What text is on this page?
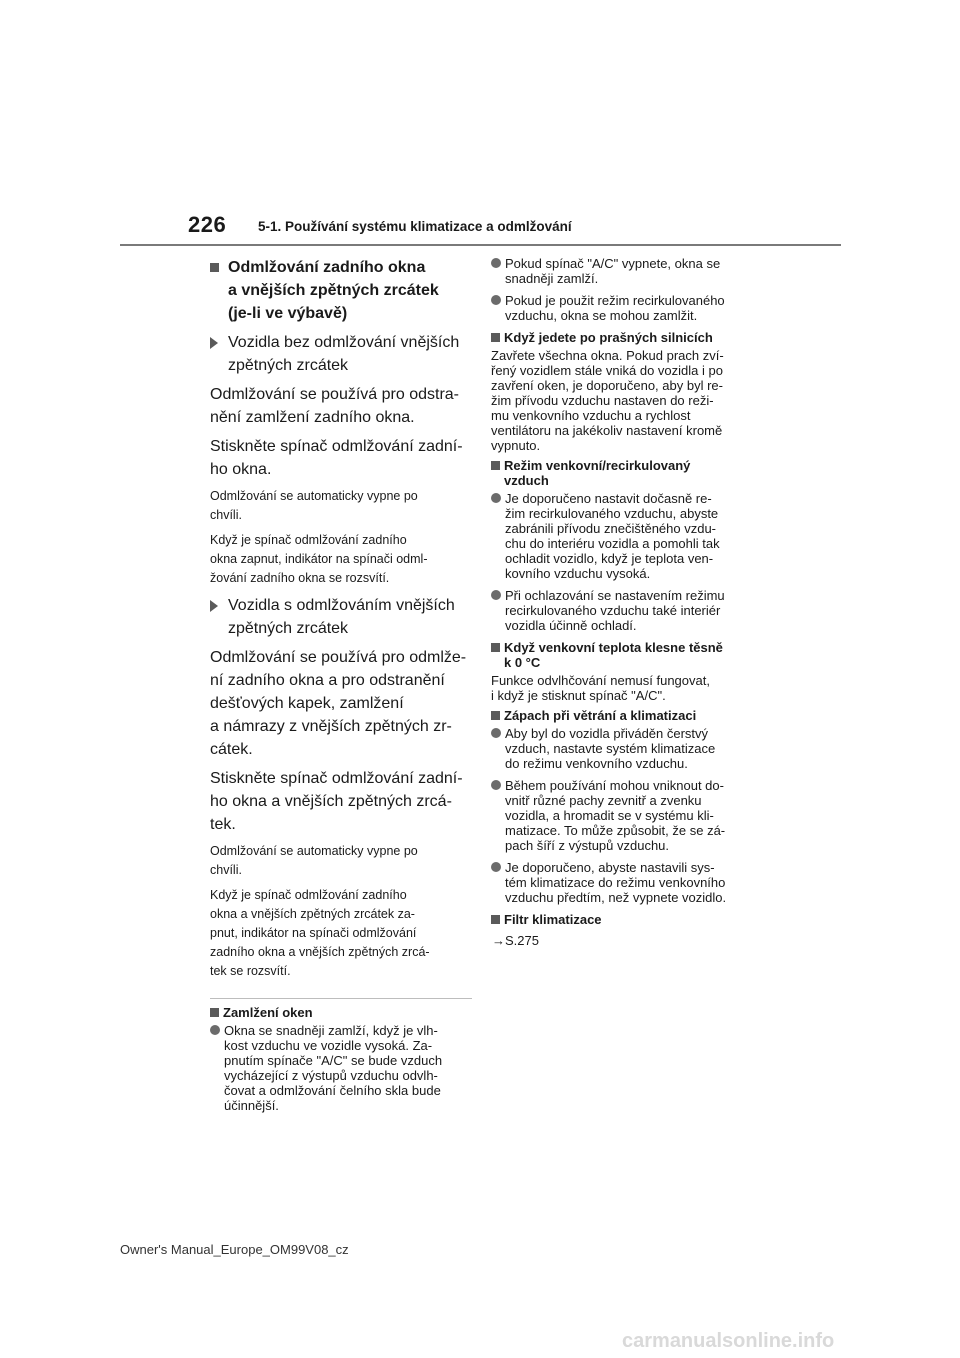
226 5-1. Používání systému klimatizace a odmlžování
Odmlžování zadního okna
a vnějších zpětných zrcátek
(je-li ve výbavě)
Vozidla bez odmlžování vnějších
zpětných zrcátek
Odmlžování se používá pro odstra-
nění zamlžení zadního okna.
Stiskněte spínač odmlžování zadní-
ho okna.
Odmlžování se automaticky vypne po
chvíli.
Když je spínač odmlžování zadního
okna zapnut, indikátor na spínači odml-
žování zadního okna se rozsvítí.
Vozidla s odmlžováním vnějších
zpětných zrcátek
Odmlžování se používá pro odmlže-
ní zadního okna a pro odstranění
dešťových kapek, zamlžení
a námrazy z vnějších zpětných zr-
cátek.
Stiskněte spínač odmlžování zadní-
ho okna a vnějších zpětných zrcá-
tek.
Odmlžování se automaticky vypne po
chvíli.
Když je spínač odmlžování zadního
okna a vnějších zpětných zrcátek za-
pnut, indikátor na spínači odmlžování
zadního okna a vnějších zpětných zrcá-
tek se rozsvítí.
Zamlžení oken
Okna se snadněji zamlží, když je vlh-
kost vzduchu ve vozidle vysoká. Za-
pnutím spínače "A/C" se bude vzduch
vycházející z výstupů vzduchu odvlh-
čovat a odmlžování čelního skla bude
účinnější.
Pokud spínač "A/C" vypnete, okna se
snadněji zamlží.
Pokud je použit režim recirkulovaného
vzduchu, okna se mohou zamlžit.
Když jedete po prašných silnicích
Zavřete všechna okna. Pokud prach zví-
řený vozidlem stále vniká do vozidla i po
zavření oken, je doporučeno, aby byl re-
žim přívodu vzduchu nastaven do reži-
mu venkovního vzduchu a rychlost
ventilátoru na jakékoliv nastavení kromě
vypnuto.
Režim venkovní/recirkulovaný
vzduch
Je doporučeno nastavit dočasně re-
žim recirkulovaného vzduchu, abyste
zabránili přívodu znečištěného vzdu-
chu do interiéru vozidla a pomohli tak
ochladit vozidlo, když je teplota ven-
kovního vzduchu vysoká.
Při ochlazování se nastavením režimu
recirkulovaného vzduchu také interiér
vozidla účinně ochladí.
Když venkovní teplota klesne těsně
k 0 °C
Funkce odvlhčování nemusí fungovat,
i když je stisknut spínač "A/C".
Zápach při větrání a klimatizaci
Aby byl do vozidla přiváděn čerstvý
vzduch, nastavte systém klimatizace
do režimu venkovního vzduchu.
Během používání mohou vniknout do-
vnitř různé pachy zevnitř a zvenku
vozidla, a hromadit se v systému kli-
matizace. To může způsobit, že se zá-
pach šíří z výstupů vzduchu.
Je doporučeno, abyste nastavili sys-
tém klimatizace do režimu venkovního
vzduchu předtím, než vypnete vozidlo.
Filtr klimatizace
→S.275
Owner's Manual_Europe_OM99V08_cz
carmanualsonline.info
